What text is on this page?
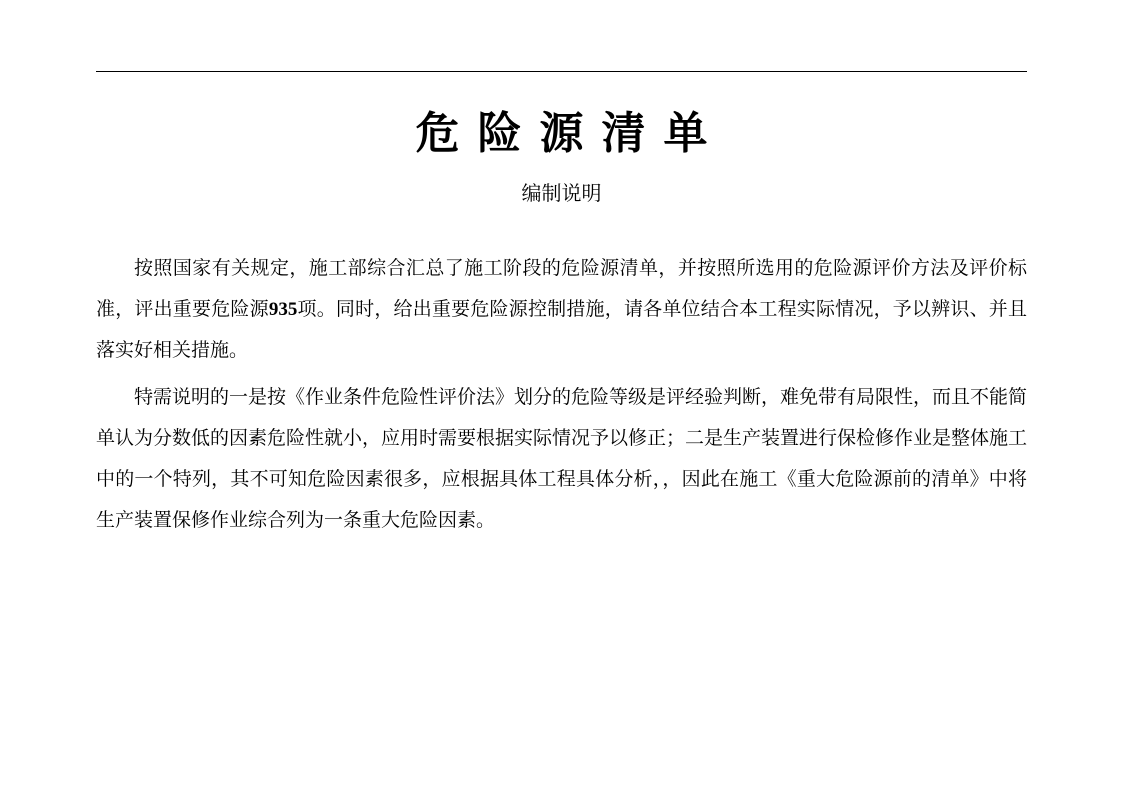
危险源清单
编制说明

按照国家有关规定，施工部综合汇总了施工阶段的危险源清单，并按照所选用的危险源评价方法及评价标准，评出重要危险源935项。同时，给出重要危险源控制措施，请各单位结合本工程实际情况，予以辨识、并且落实好相关措施。

特需说明的一是按《作业条件危险性评价法》划分的危险等级是评经验判断，难免带有局限性，而且不能简单认为分数低的因素危险性就小，应用时需要根据实际情况予以修正；二是生产装置进行保检修作业是整体施工中的一个特列，其不可知危险因素很多，应根据具体工程具体分析，，因此在施工《重大危险源前的清单》中将生产装置保修作业综合列为一条重大危险因素。
